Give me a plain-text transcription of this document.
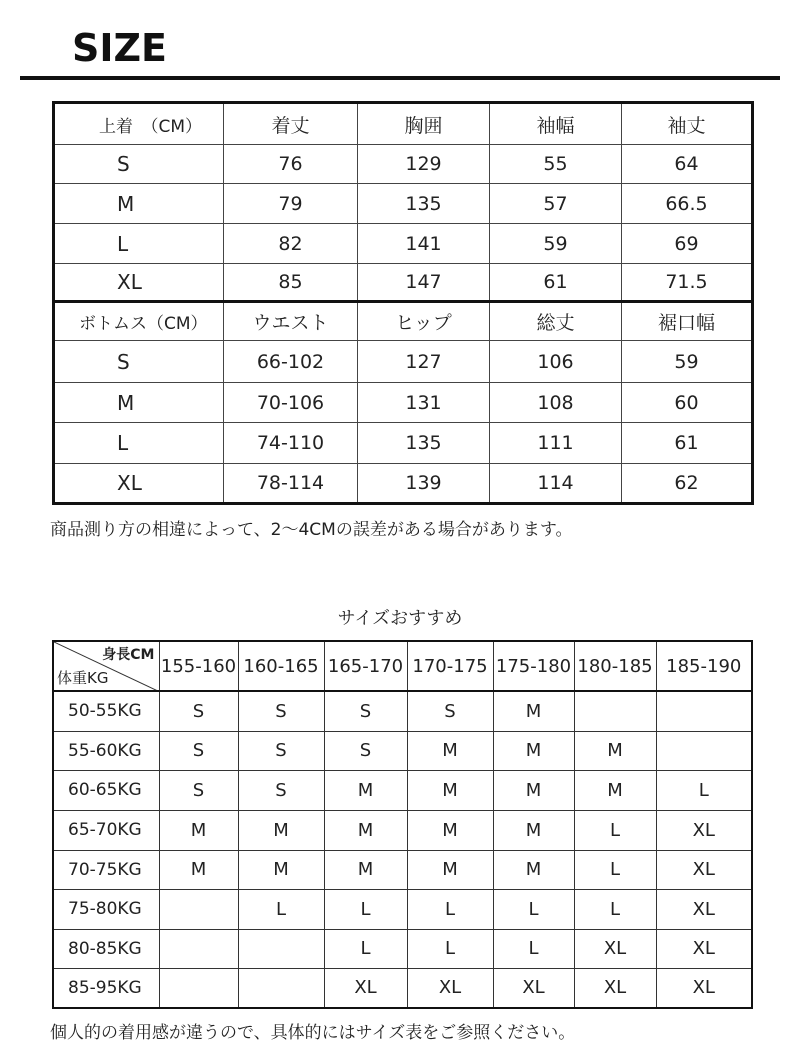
SIZE
上着　（CM）	着丈	胸囲	袖幅	袖丈
S	76	129	55	64
M	79	135	57	66.5
L	82	141	59	69
XL	85	147	61	71.5
ボトムス（CM）	ウエスト	ヒップ	総丈	裾口幅
S	66-102	127	106	59
M	70-106	131	108	60
L	74-110	135	111	61
XL	78-114	139	114	62
商品測り方の相違によって、2～4CMの誤差がある場合があります。
サイズおすすめ
身長CM
体重KG	155-160	160-165	165-170	170-175	175-180	180-185	185-190
50-55KG	S	S	S	S	M		
55-60KG	S	S	S	M	M	M	
60-65KG	S	S	M	M	M	M	L
65-70KG	M	M	M	M	M	L	XL
70-75KG	M	M	M	M	M	L	XL
75-80KG		L	L	L	L	L	XL
80-85KG			L	L	L	XL	XL
85-95KG			XL	XL	XL	XL	XL
個人的の着用感が違うので、具体的にはサイズ表をご参照ください。
